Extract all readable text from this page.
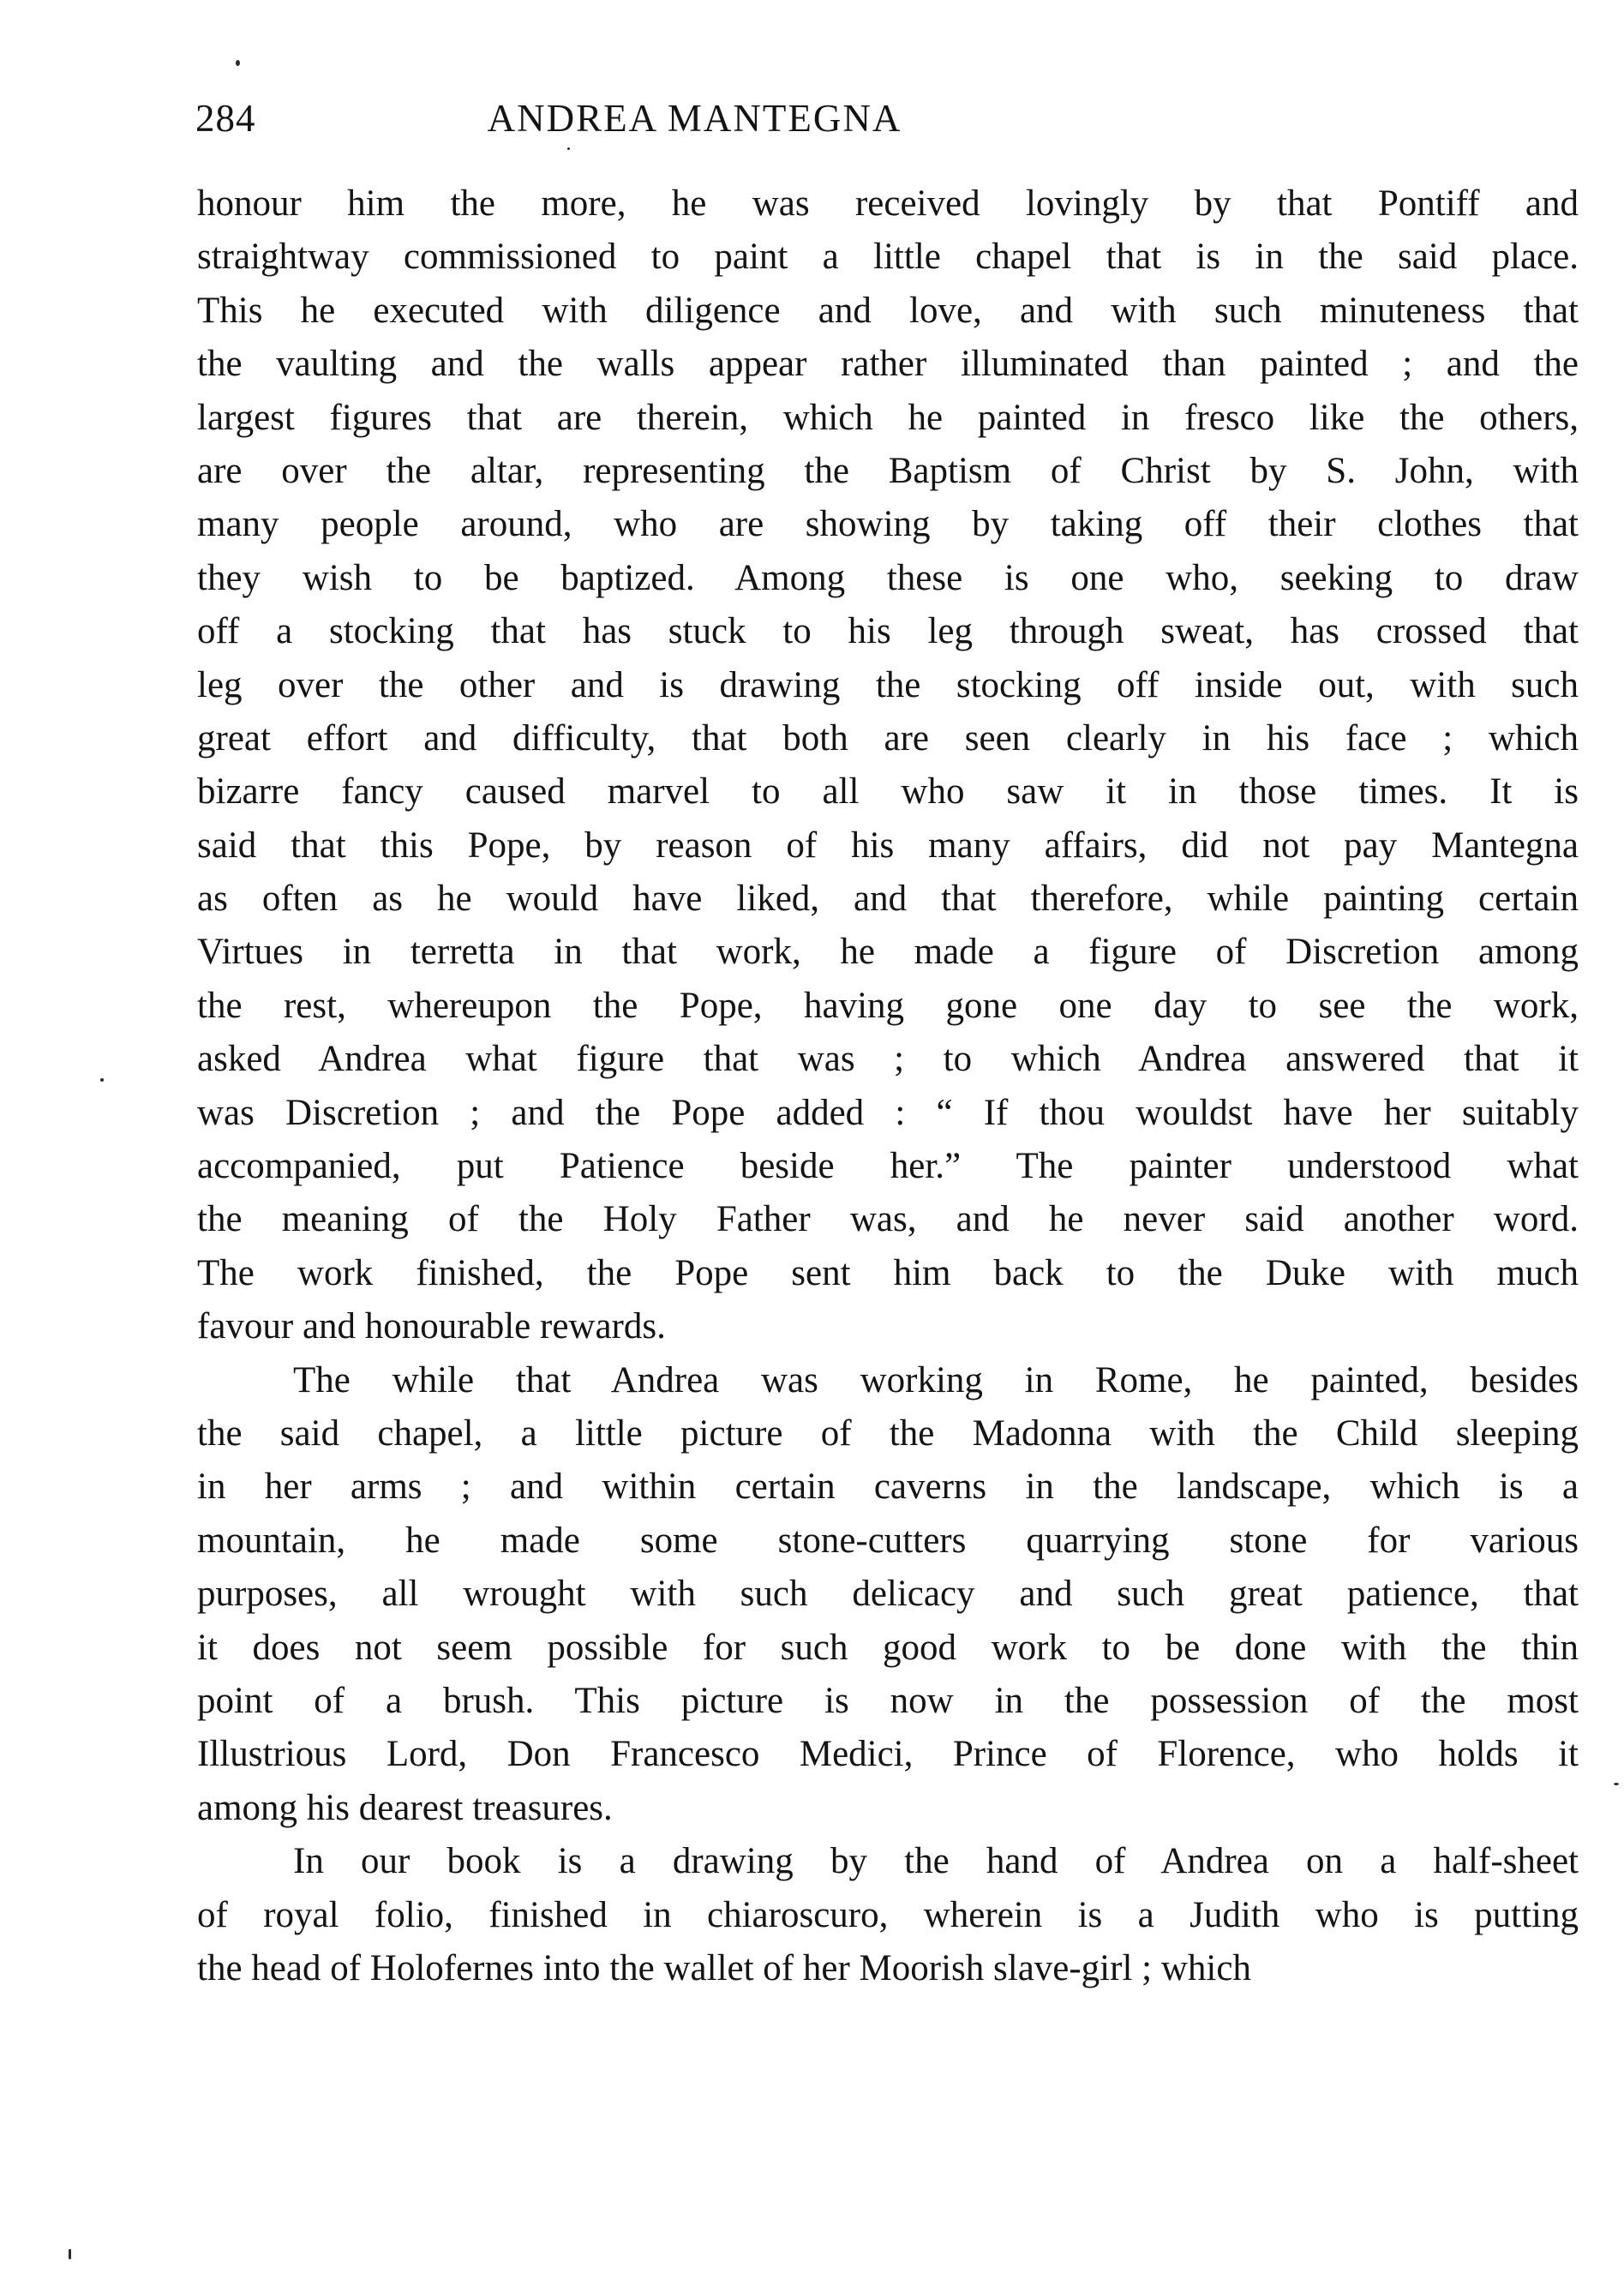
284	ANDREA MANTEGNA
honour him the more, he was received lovingly by that Pontiff and
straightway commissioned to paint a little chapel that is in the said place.
This he executed with diligence and love, and with such minuteness that
the vaulting and the walls appear rather illuminated than painted ; and the
largest figures that are therein, which he painted in fresco like the others,
are over the altar, representing the Baptism of Christ by S. John, with
many people around, who are showing by taking off their clothes that
they wish to be baptized. Among these is one who, seeking to draw
off a stocking that has stuck to his leg through sweat, has crossed that
leg over the other and is drawing the stocking off inside out, with such
great effort and difficulty, that both are seen clearly in his face ; which
bizarre fancy caused marvel to all who saw it in those times. It is
said that this Pope, by reason of his many affairs, did not pay Mantegna
as often as he would have liked, and that therefore, while painting certain
Virtues in terretta in that work, he made a figure of Discretion among
the rest, whereupon the Pope, having gone one day to see the work,
asked Andrea what figure that was ; to which Andrea answered that it
was Discretion ; and the Pope added : “ If thou wouldst have her suitably
accompanied, put Patience beside her.” The painter understood what
the meaning of the Holy Father was, and he never said another word.
The work finished, the Pope sent him back to the Duke with much
favour and honourable rewards.
The while that Andrea was working in Rome, he painted, besides
the said chapel, a little picture of the Madonna with the Child sleeping
in her arms ; and within certain caverns in the landscape, which is a
mountain, he made some stone-cutters quarrying stone for various
purposes, all wrought with such delicacy and such great patience, that
it does not seem possible for such good work to be done with the thin
point of a brush. This picture is now in the possession of the most
Illustrious Lord, Don Francesco Medici, Prince of Florence, who holds it
among his dearest treasures.
In our book is a drawing by the hand of Andrea on a half-sheet
of royal folio, finished in chiaroscuro, wherein is a Judith who is putting
the head of Holofernes into the wallet of her Moorish slave-girl ; which
